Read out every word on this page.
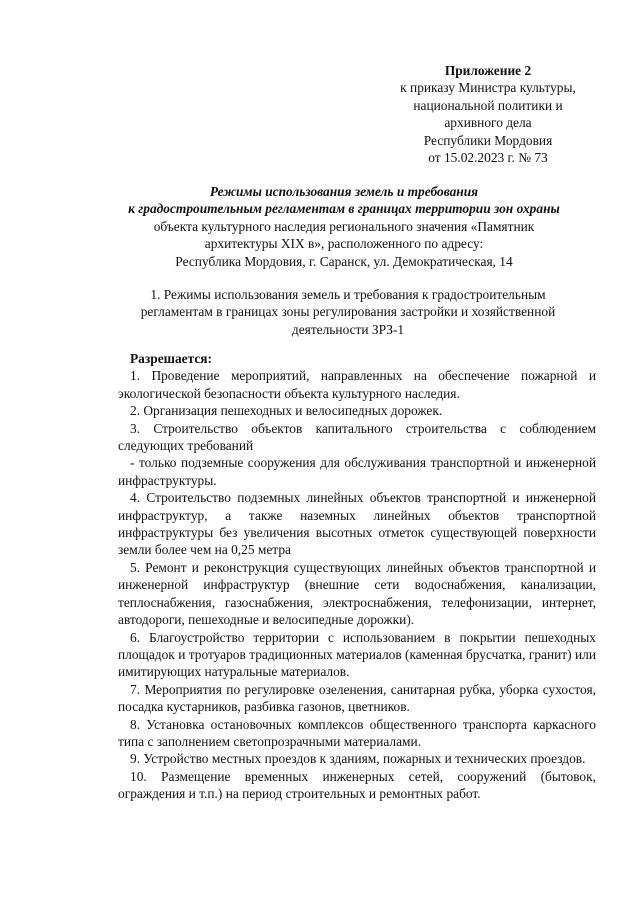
Приложение 2
к приказу Министра культуры,
национальной политики и
архивного дела
Республики Мордовия
от 15.02.2023 г. № 73
Режимы использования земель и требования
к градостроительным регламентам в границах территории зон охраны
объекта культурного наследия регионального значения «Памятник
архитектуры XIX в», расположенного по адресу:
Республика Мордовия, г. Саранск, ул. Демократическая, 14
1. Режимы использования земель и требования к градостроительным
регламентам в границах зоны регулирования застройки и хозяйственной
деятельности ЗРЗ-1
Разрешается:

1. Проведение мероприятий, направленных на обеспечение пожарной и экологической безопасности объекта культурного наследия.

2. Организация пешеходных и велосипедных дорожек.

3. Строительство объектов капитального строительства с соблюдением следующих требований

- только подземные сооружения для обслуживания транспортной и инженерной инфраструктуры.

4. Строительство подземных линейных объектов транспортной и инженерной инфраструктур, а также наземных линейных объектов транспортной инфраструктуры без увеличения высотных отметок существующей поверхности земли более чем на 0,25 метра

5. Ремонт и реконструкция существующих линейных объектов транспортной и инженерной инфраструктур (внешние сети водоснабжения, канализации, теплоснабжения, газоснабжения, электроснабжения, телефонизации, интернет, автодороги, пешеходные и велосипедные дорожки).

6. Благоустройство территории с использованием в покрытии пешеходных площадок и тротуаров традиционных материалов (каменная брусчатка, гранит) или имитирующих натуральные материалов.

7. Мероприятия по регулировке озеленения, санитарная рубка, уборка сухостоя, посадка кустарников, разбивка газонов, цветников.

8. Установка остановочных комплексов общественного транспорта каркасного типа с заполнением светопрозрачными материалами.

9. Устройство местных проездов к зданиям, пожарных и технических проездов.

10. Размещение временных инженерных сетей, сооружений (бытовок, ограждения и т.п.) на период строительных и ремонтных работ.
